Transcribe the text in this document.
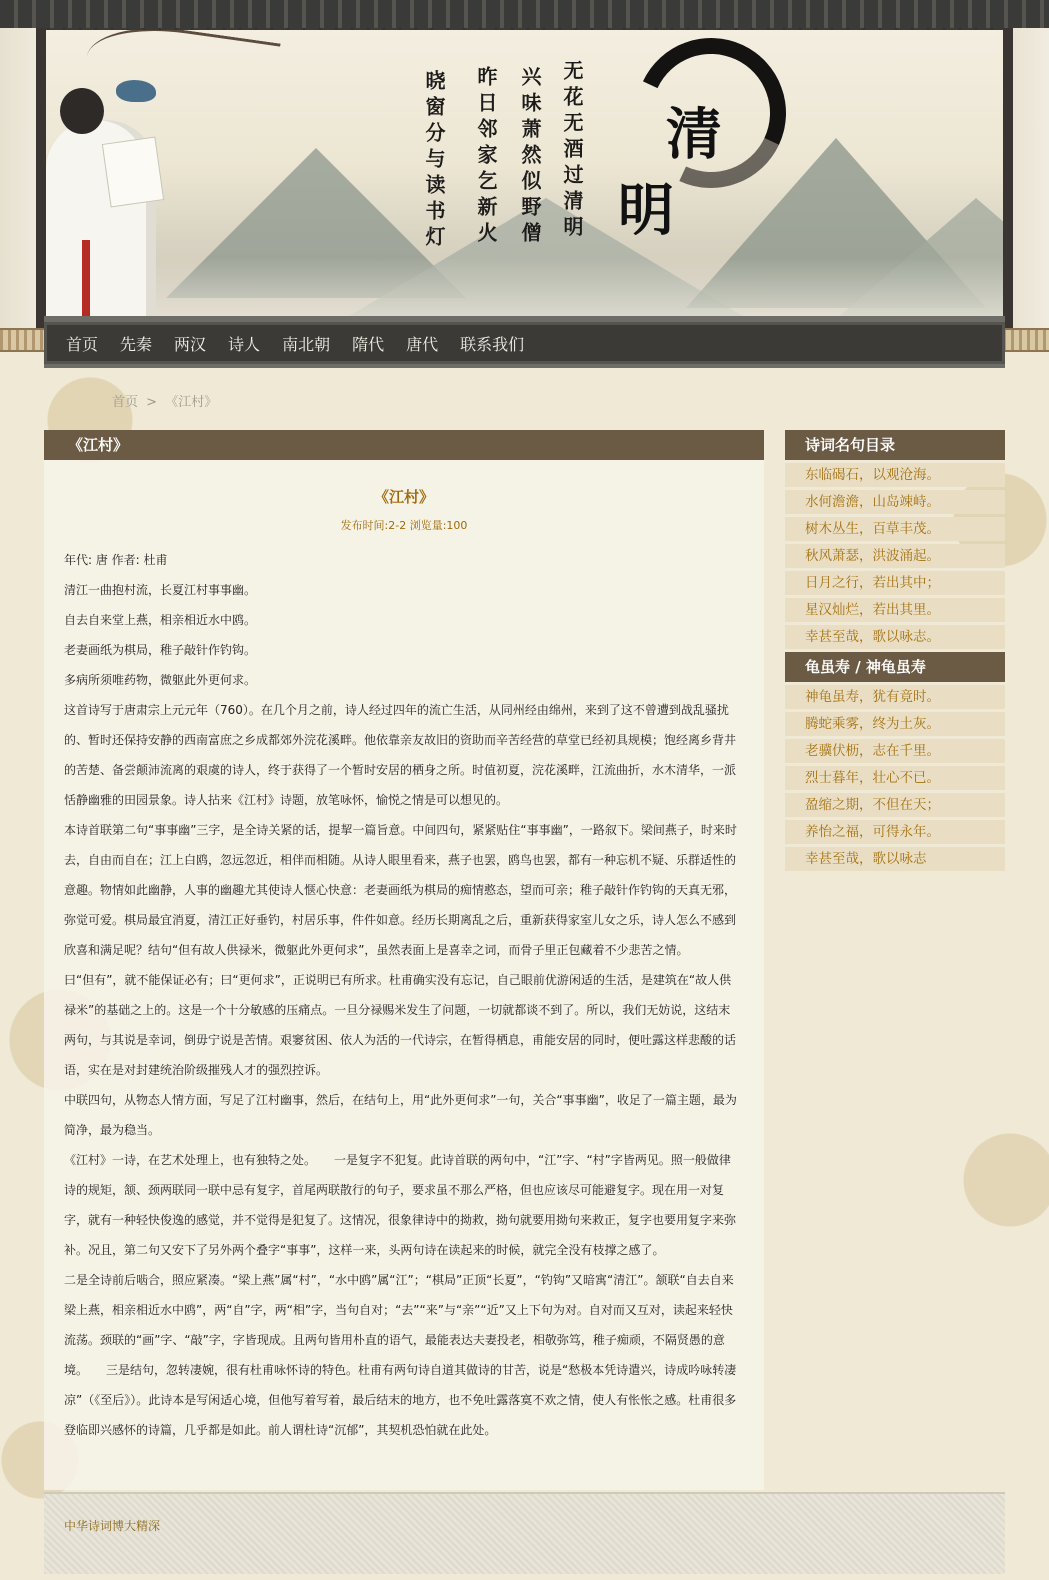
晓窗分与读书灯 昨日邻家乞新火 兴味萧然似野僧 无花无酒过清明 清
明
首页	先秦	两汉	诗人	南北朝	隋代	唐代	联系我们
首页 > 《江村》
《江村》
《江村》
发布时间:2-2 浏览量:100

年代: 唐 作者: 杜甫

清江一曲抱村流，长夏江村事事幽。

自去自来堂上燕，相亲相近水中鸥。

老妻画纸为棋局，稚子敲针作钓钩。

多病所须唯药物，微躯此外更何求。

这首诗写于唐肃宗上元元年（760）。在几个月之前，诗人经过四年的流亡生活，从同州经由绵州，来到了这不曾遭到战乱骚扰的、暂时还保持安静的西南富庶之乡成都郊外浣花溪畔。他依靠亲友故旧的资助而辛苦经营的草堂已经初具规模；饱经离乡背井的苦楚、备尝颠沛流离的艰虞的诗人，终于获得了一个暂时安居的栖身之所。时值初夏，浣花溪畔，江流曲折，水木清华，一派恬静幽雅的田园景象。诗人拈来《江村》诗题，放笔咏怀，愉悦之情是可以想见的。

本诗首联第二句“事事幽”三字，是全诗关紧的话，提挈一篇旨意。中间四句，紧紧贴住“事事幽”，一路叙下。梁间燕子，时来时去，自由而自在；江上白鸥，忽远忽近，相伴而相随。从诗人眼里看来，燕子也罢，鸥鸟也罢，都有一种忘机不疑、乐群适性的意趣。物情如此幽静，人事的幽趣尤其使诗人惬心快意：老妻画纸为棋局的痴情憨态，望而可亲；稚子敲针作钓钩的天真无邪，弥觉可爱。棋局最宜消夏，清江正好垂钓，村居乐事，件件如意。经历长期离乱之后，重新获得家室儿女之乐，诗人怎么不感到欣喜和满足呢？结句“但有故人供禄米，微躯此外更何求”，虽然表面上是喜幸之词，而骨子里正包藏着不少悲苦之情。

曰“但有”，就不能保证必有；曰“更何求”，正说明已有所求。杜甫确实没有忘记，自己眼前优游闲适的生活，是建筑在“故人供禄米”的基础之上的。这是一个十分敏感的压痛点。一旦分禄赐米发生了问题，一切就都谈不到了。所以，我们无妨说，这结末两句，与其说是幸词，倒毋宁说是苦情。艰窭贫困、依人为活的一代诗宗，在暂得栖息，甫能安居的同时，便吐露这样悲酸的话语，实在是对封建统治阶级摧残人才的强烈控诉。

中联四句，从物态人情方面，写足了江村幽事，然后，在结句上，用“此外更何求”一句，关合“事事幽”，收足了一篇主题，最为简净，最为稳当。

《江村》一诗，在艺术处理上，也有独特之处。　　一是复字不犯复。此诗首联的两句中，“江”字、“村”字皆两见。照一般做律诗的规矩，颔、颈两联同一联中忌有复字，首尾两联散行的句子，要求虽不那么严格，但也应该尽可能避复字。现在用一对复字，就有一种轻快俊逸的感觉，并不觉得是犯复了。这情况，很象律诗中的拗救，拗句就要用拗句来救正，复字也要用复字来弥补。况且，第二句又安下了另外两个叠字“事事”，这样一来，头两句诗在读起来的时候，就完全没有枝撑之感了。

二是全诗前后啮合，照应紧凑。“梁上燕”属“村”，“水中鸥”属“江”；“棋局”正顶“长夏”，“钓钩”又暗寓“清江”。颔联“自去自来梁上燕，相亲相近水中鸥”，两“自”字，两“相”字，当句自对；“去”“来”与“亲”“近”又上下句为对。自对而又互对，读起来轻快流荡。颈联的“画”字、“敲”字，字皆现成。且两句皆用朴直的语气，最能表达夫妻投老，相敬弥笃，稚子痴顽，不隔贤愚的意境。　　三是结句，忽转凄婉，很有杜甫咏怀诗的特色。杜甫有两句诗自道其做诗的甘苦，说是“愁极本凭诗遣兴，诗成吟咏转凄凉”（《至后》）。此诗本是写闲适心境，但他写着写着，最后结末的地方，也不免吐露落寞不欢之情，使人有怅怅之感。杜甫很多登临即兴感怀的诗篇，几乎都是如此。前人谓杜诗“沉郁”，其契机恐怕就在此处。

诗词名句目录
东临碣石，以观沧海。
水何澹澹，山岛竦峙。
树木丛生，百草丰茂。
秋风萧瑟，洪波涌起。
日月之行，若出其中；
星汉灿烂，若出其里。
幸甚至哉，歌以咏志。
龟虽寿 / 神龟虽寿
神龟虽寿，犹有竟时。
腾蛇乘雾，终为土灰。
老骥伏枥，志在千里。
烈士暮年，壮心不已。
盈缩之期，不但在天；
养怡之福，可得永年。
幸甚至哉，歌以咏志
中华诗词博大精深
